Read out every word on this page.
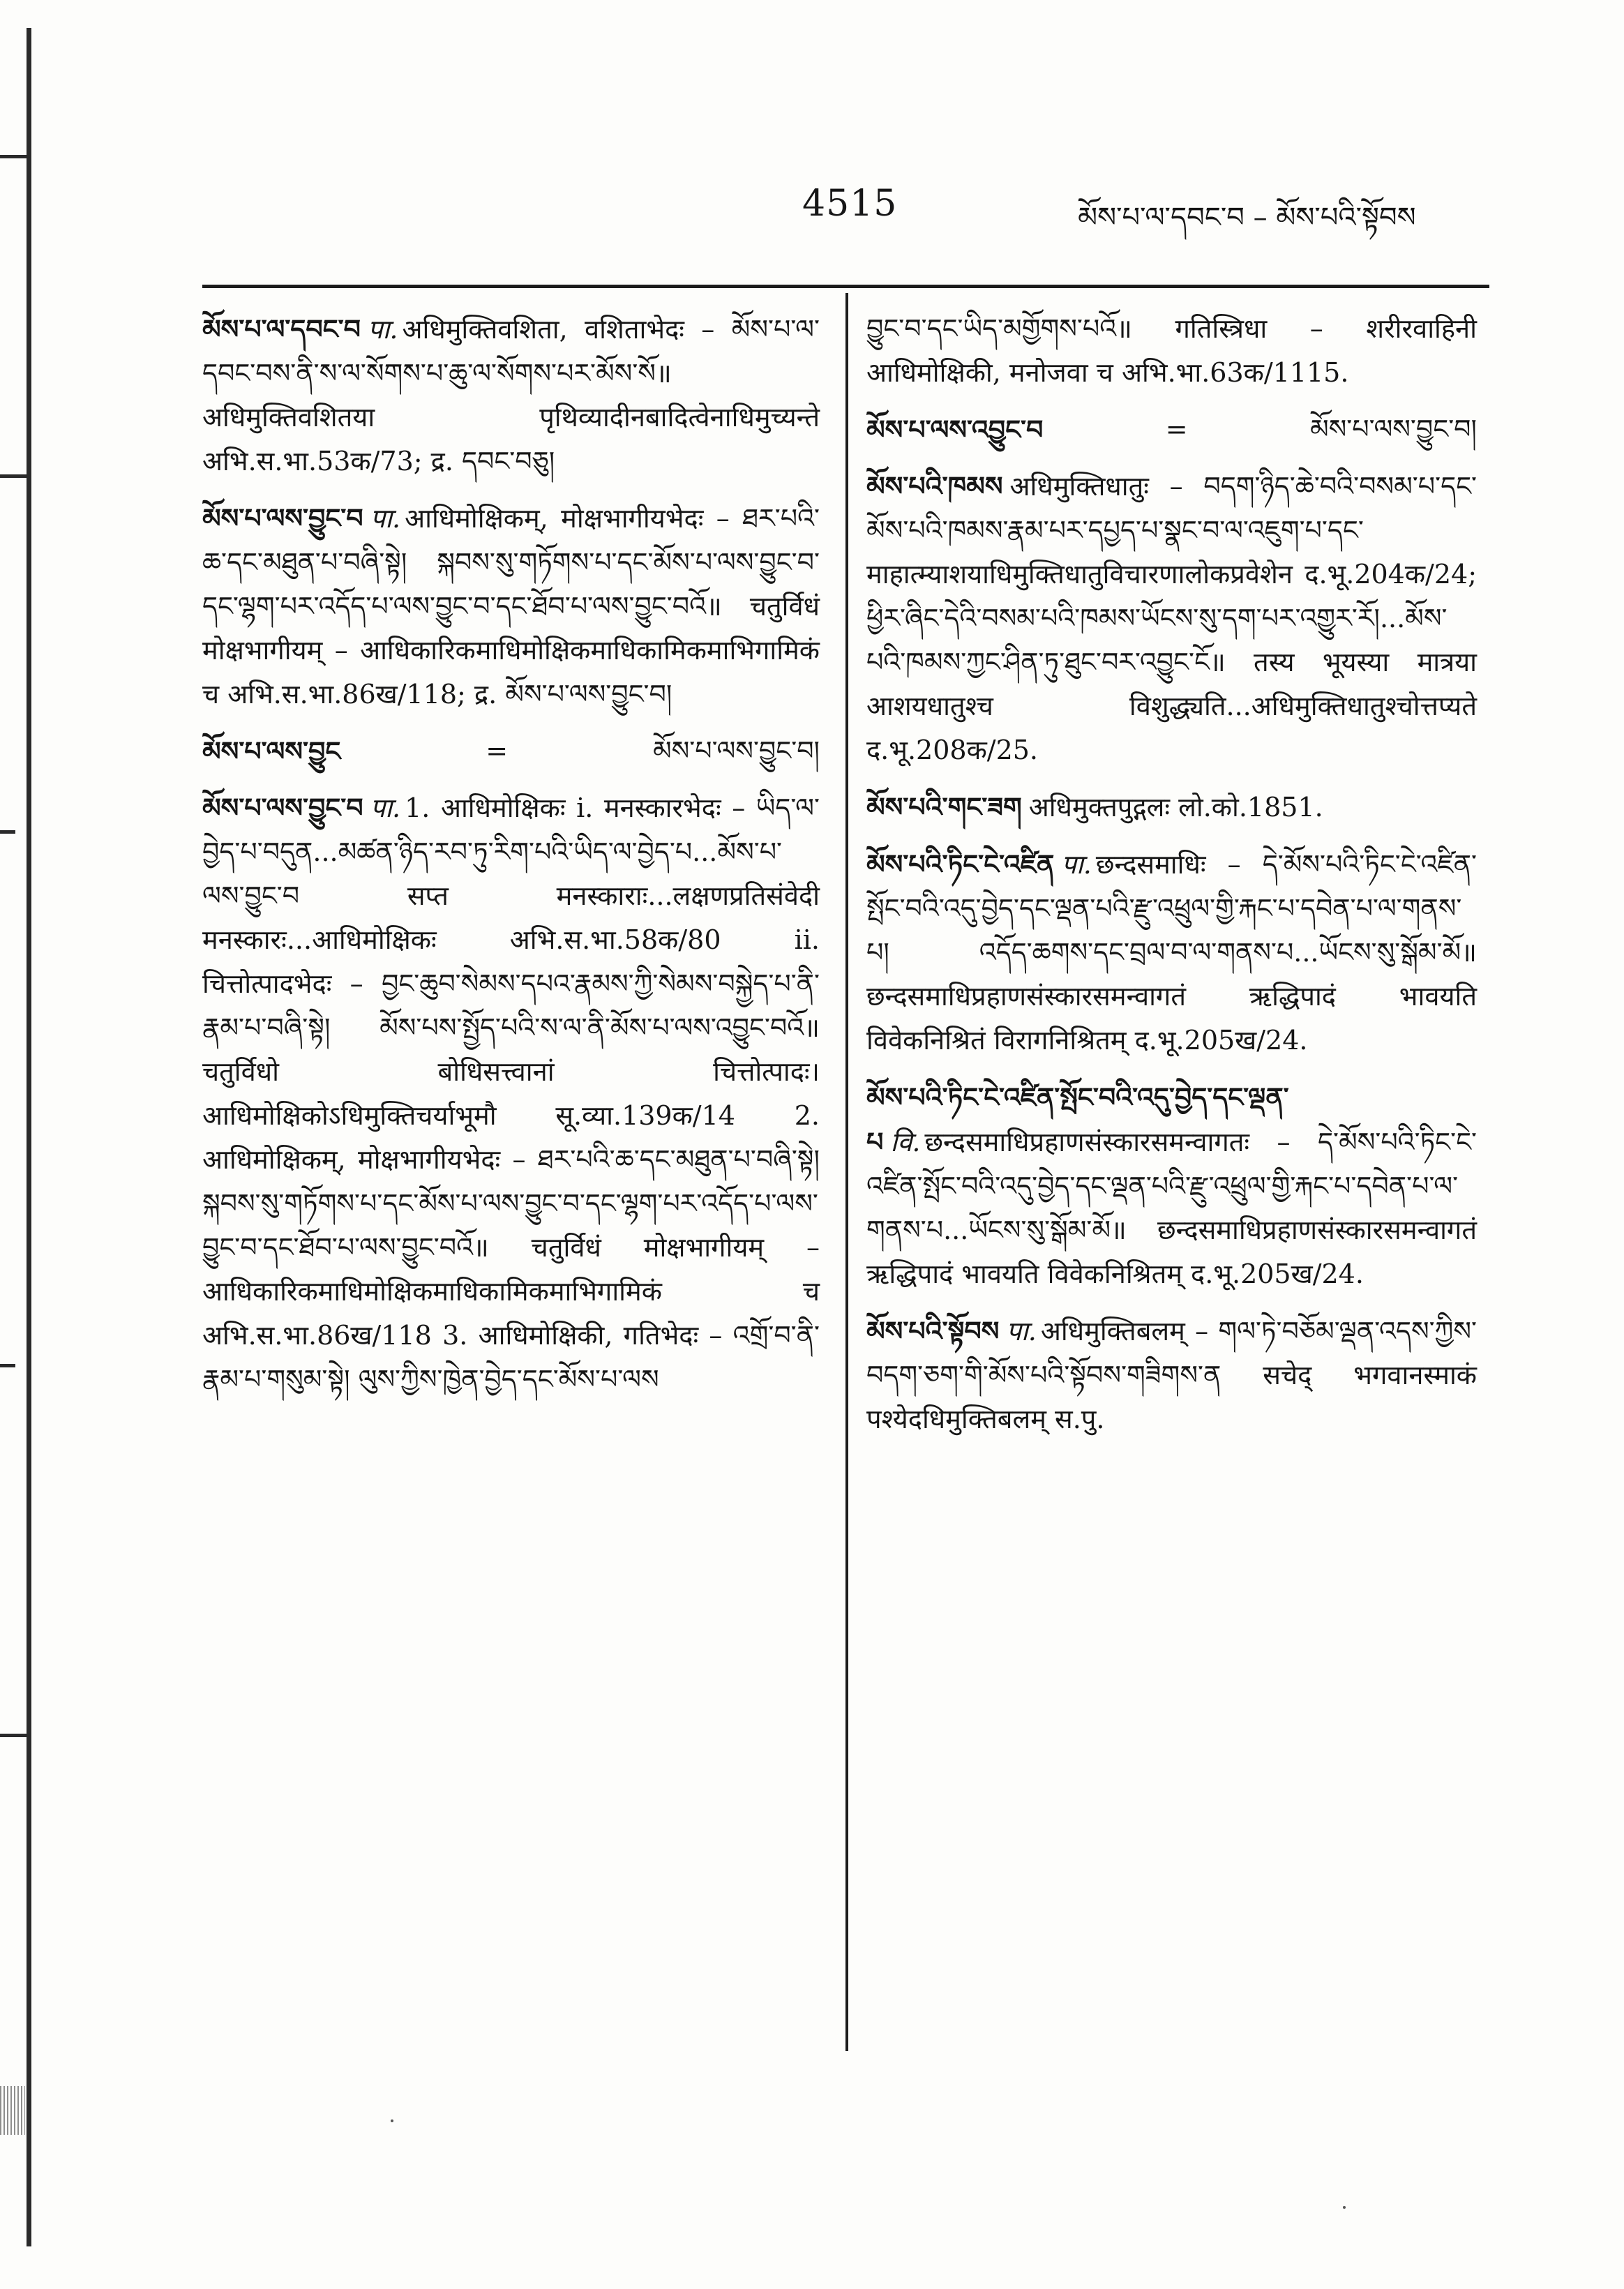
4515	མོས་པ་ལ་དབང་བ – མོས་པའི་སྟོབས
མོས་པ་ལ་དབང་བ पा. अधिमुक्तिवशिता, वशिताभेदः – མོས་པ་ལ་དབང་བས་ནི་ས་ལ་སོགས་པ་ཆུ་ལ་སོགས་པར་མོས་སོ॥ अधिमुक्तिवशितया पृथिव्यादीनबादित्वेनाधिमुच्यन्ते अभि.स.भा.53क/73; द्र. དབང་བཅུ།
མོས་པ་ལས་བྱུང་བ पा. आधिमोक्षिकम्, मोक्षभागीयभेदः – ཐར་པའི་ཆ་དང་མཐུན་པ་བཞི་སྟེ། སྐབས་སུ་གཏོགས་པ་དང་མོས་པ་ལས་བྱུང་བ་དང་ལྷག་པར་འདོད་པ་ལས་བྱུང་བ་དང་ཐོབ་པ་ལས་བྱུང་བའོ॥ चतुर्विधं मोक्षभागीयम् – आधिकारिकमाधिमोक्षिकमाधिकामिकमाभिगामिकं च अभि.स.भा.86ख/118; द्र. མོས་པ་ལས་བྱུང་བ།
མོས་པ་ལས་བྱུང	=	མོས་པ་ལས་བྱུང་བ།
མོས་པ་ལས་བྱུང་བ पा. 1. आधिमोक्षिकः i. मनस्कारभेदः – ཡིད་ལ་བྱེད་པ་བདུན...མཚན་ཉིད་རབ་ཏུ་རིག་པའི་ཡིད་ལ་བྱེད་པ...མོས་པ་ལས་བྱུང་བ सप्त मनस्काराः...लक्षणप्रतिसंवेदी मनस्कारः...आधिमोक्षिकः अभि.स.भा.58क/80 ii. चित्तोत्पादभेदः – བྱང་ཆུབ་སེམས་དཔའ་རྣམས་ཀྱི་སེམས་བསྐྱེད་པ་ནི་རྣམ་པ་བཞི་སྟེ། མོས་པས་སྤྱོད་པའི་ས་ལ་ནི་མོས་པ་ལས་འབྱུང་བའོ॥ चतुर्विधो बोधिसत्त्वानां चित्तोत्पादः। आधिमोक्षिकोऽधिमुक्तिचर्याभूमौ सू.व्या.139क/14 2. आधिमोक्षिकम्, मोक्षभागीयभेदः – ཐར་པའི་ཆ་དང་མཐུན་པ་བཞི་སྟེ། སྐབས་སུ་གཏོགས་པ་དང་མོས་པ་ལས་བྱུང་བ་དང་ལྷག་པར་འདོད་པ་ལས་བྱུང་བ་དང་ཐོབ་པ་ལས་བྱུང་བའོ॥ चतुर्विधं मोक्षभागीयम् – आधिकारिकमाधिमोक्षिकमाधिकामिकमाभिगामिकं च अभि.स.भा.86ख/118 3. आधिमोक्षिकी, गतिभेदः – འགྲོ་བ་ནི་རྣམ་པ་གསུམ་སྟེ། ལུས་ཀྱིས་ཁྱེན་བྱེད་དང་མོས་པ་ལས
བྱུང་བ་དང་ཡིད་མགྱོགས་པའོ॥ गतिस्त्रिधा – शरीरवाहिनी आधिमोक्षिकी, मनोजवा च अभि.भा.63क/1115.
མོས་པ་ལས་འབྱུང་བ	=	མོས་པ་ལས་བྱུང་བ།
མོས་པའི་ཁམས अधिमुक्तिधातुः – བདག་ཉིད་ཆེ་བའི་བསམ་པ་དང་མོས་པའི་ཁམས་རྣམ་པར་དཔྱད་པ་སྣང་བ་ལ་འཇུག་པ་དང་ माहात्म्याशयाधिमुक्तिधातुविचारणालोकप्रवेशेन द.भू.204क/24; ཕྱིར་ཞིང་དེའི་བསམ་པའི་ཁམས་ཡོངས་སུ་དག་པར་འགྱུར་རོ།...མོས་པའི་ཁམས་ཀྱང་ཤིན་ཏུ་ཐུང་བར་འབྱུང་ངོ॥ तस्य भूयस्या मात्रया आशयधातुश्च विशुद्ध्यति...अधिमुक्तिधातुश्चोत्तप्यते द.भू.208क/25.
མོས་པའི་གང་ཟག अधिमुक्तपुद्गलः लो.को.1851.
མོས་པའི་ཏིང་ངེ་འཛིན पा. छन्दसमाधिः – དེ་མོས་པའི་ཏིང་ངེ་འཛིན་སྤོང་བའི་འདུ་བྱེད་དང་ལྡན་པའི་རྫུ་འཕྲུལ་གྱི་རྐང་པ་དབེན་པ་ལ་གནས་པ། འདོད་ཆགས་དང་བྲལ་བ་ལ་གནས་པ...ཡོངས་སུ་སྒོམ་མོ॥ छन्दसमाधिप्रहाणसंस्कारसमन्वागतं ऋद्धिपादं भावयति विवेकनिश्रितं विरागनिश्रितम् द.भू.205ख/24.
མོས་པའི་ཏིང་ངེ་འཛིན་སྤོང་བའི་འདུ་བྱེད་དང་ལྡན་པ वि. छन्दसमाधिप्रहाणसंस्कारसमन्वागतः – དེ་མོས་པའི་ཏིང་ངེ་འཛིན་སྤོང་བའི་འདུ་བྱེད་དང་ལྡན་པའི་རྫུ་འཕྲུལ་གྱི་རྐང་པ་དབེན་པ་ལ་གནས་པ...ཡོངས་སུ་སྒོམ་མོ॥ छन्दसमाधिप्रहाणसंस्कारसमन्वागतं ऋद्धिपादं भावयति विवेकनिश्रितम् द.भू.205ख/24.
མོས་པའི་སྟོབས पा. अधिमुक्तिबलम् – གལ་ཏེ་བཅོམ་ལྡན་འདས་ཀྱིས་བདག་ཅག་གི་མོས་པའི་སྟོབས་གཟིགས་ན सचेद् भगवानस्माकं पश्येदधिमुक्तिबलम् स.पु.
